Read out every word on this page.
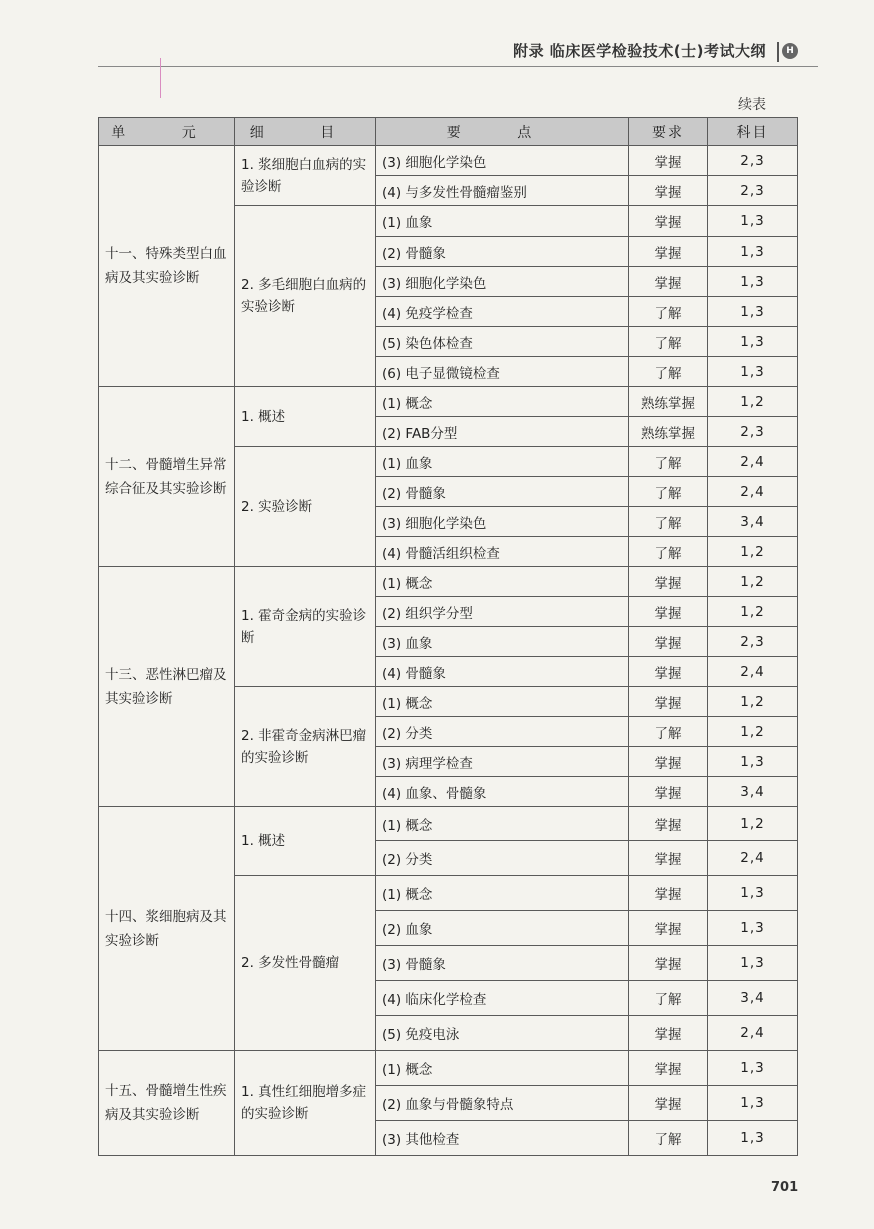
附录 临床医学检验技术(士)考试大纲	H
续表
单 元	细 目	要 点	要求	科目
十一、特殊类型白血病及其实验诊断	1. 浆细胞白血病的实验诊断	(3) 细胞化学染色	掌握	2,3
		(4) 与多发性骨髓瘤鉴别	掌握	2,3
	2. 多毛细胞白血病的实验诊断	(1) 血象	掌握	1,3
		(2) 骨髓象	掌握	1,3
		(3) 细胞化学染色	掌握	1,3
		(4) 免疫学检查	了解	1,3
		(5) 染色体检查	了解	1,3
		(6) 电子显微镜检查	了解	1,3
十二、骨髓增生异常综合征及其实验诊断	1. 概述	(1) 概念	熟练掌握	1,2
		(2) FAB分型	熟练掌握	2,3
	2. 实验诊断	(1) 血象	了解	2,4
		(2) 骨髓象	了解	2,4
		(3) 细胞化学染色	了解	3,4
		(4) 骨髓活组织检查	了解	1,2
十三、恶性淋巴瘤及其实验诊断	1. 霍奇金病的实验诊断	(1) 概念	掌握	1,2
		(2) 组织学分型	掌握	1,2
		(3) 血象	掌握	2,3
		(4) 骨髓象	掌握	2,4
	2. 非霍奇金病淋巴瘤的实验诊断	(1) 概念	掌握	1,2
		(2) 分类	了解	1,2
		(3) 病理学检查	掌握	1,3
		(4) 血象、骨髓象	掌握	3,4
十四、浆细胞病及其实验诊断	1. 概述	(1) 概念	掌握	1,2
		(2) 分类	掌握	2,4
	2. 多发性骨髓瘤	(1) 概念	掌握	1,3
		(2) 血象	掌握	1,3
		(3) 骨髓象	掌握	1,3
		(4) 临床化学检查	了解	3,4
		(5) 免疫电泳	掌握	2,4
十五、骨髓增生性疾病及其实验诊断	1. 真性红细胞增多症的实验诊断	(1) 概念	掌握	1,3
		(2) 血象与骨髓象特点	掌握	1,3
		(3) 其他检查	了解	1,3
701
